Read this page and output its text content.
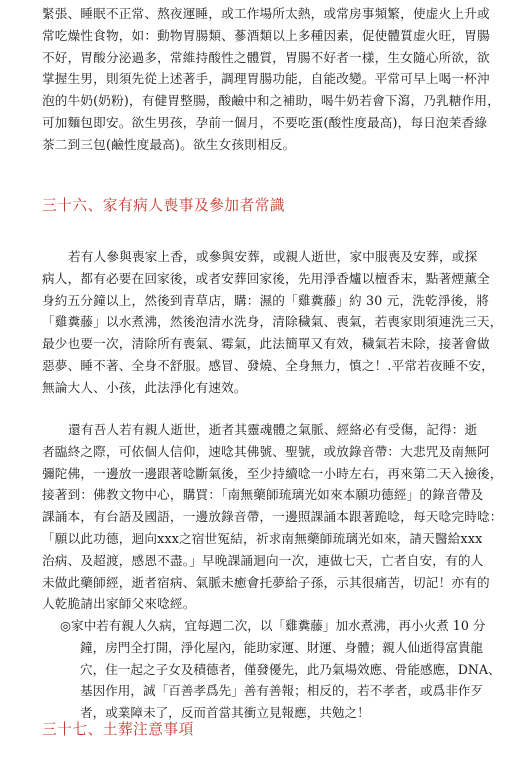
緊張、睡眠不正常、熬夜運睡，或工作場所太熱，或常房事頻繁，使虚火上升或
常吃燥性食物，如：動物胃腸類、蔘酒類以上多種因素，促使體質虚火旺，胃腸
不好，胃酸分泌過多，常維持酸性之體質，胃腸不好者一樣，生女隨心所欲，欲
掌握生男，則須先從上述著手，調理胃腸功能，自能改變。平常可早上喝一杯沖
泡的牛奶(奶粉)，有健胃整腸，酸鹼中和之補助，喝牛奶若會下瀉，乃乳糖作用，
可加麵包即安。欲生男孩，孕前一個月，不要吃蛋(酸性度最高)，每日泡茉香綠
茶二到三包(鹼性度最高)。欲生女孩則相反。
三十六、家有病人喪事及參加者常識
若有人參與喪家上香，或參與安葬，或親人逝世，家中服喪及安葬，或探
病人，都有必要在回家後，或者安葬回家後，先用淨香爐以檀香末，點著煙薰全
身約五分鐘以上，然後到青草店，購：濕的「雞糞藤」約 30 元，洗乾淨後，將
「雞糞藤」以水煮沸，然後泡清水洗身，清除穢氣、喪氣，若喪家則須連洗三天，
最少也要一次，清除所有喪氣、霉氣，此法簡單又有效，穢氣若未除，接著會做
惡夢、睡不著、全身不舒服。感冒、發燒、全身無力，慎之！.平常若夜睡不安，
無論大人、小孩，此法淨化有速效。
還有吾人若有親人逝世，逝者其靈魂體之氣脈、經絡必有受傷，記得：逝
者臨終之際，可依個人信仰，速唸其佛號、聖號，或放錄音帶：大悲咒及南無阿
彌陀佛，一邊放一邊跟著唸斷氣後，至少持續唸一小時左右，再來第二天入撿後，
接著到：佛教文物中心，購買：「南無藥師琉璃光如來本願功德經」的錄音帶及
課誦本，有台語及國語，一邊放錄音帶，一邊照課誦本跟著跪唸，每天唸完時唸：
「願以此功德，迴向xxx之宿世冤結，祈求南無藥師琉璃光如來，請天醫給xxx
治病、及超渡，感恩不盡。」早晚課誦迴向一次，連做七天，亡者自安，有的人
未做此藥師經，逝者宿病、氣脈未癒會托夢給子孫，示其很痛苦，切記！亦有的
人乾脆請出家師父來唸經。
◎家中若有親人久病，宜每週二次，以「雞糞藤」加水煮沸，再小火煮 10 分
鐘，房門全打開，淨化屋內，能助家運、財運、身體；親人仙逝得富貴龍
穴，住一起之子女及積德者，僅發優先，此乃氣場效應、骨能感應，DNA、
基因作用，誠「百善孝爲先」善有善報；相反的，若不孝者，或爲非作歹
者，或業障未了，反而首當其衝立見報應，共勉之！
三十七、土葬注意事項
